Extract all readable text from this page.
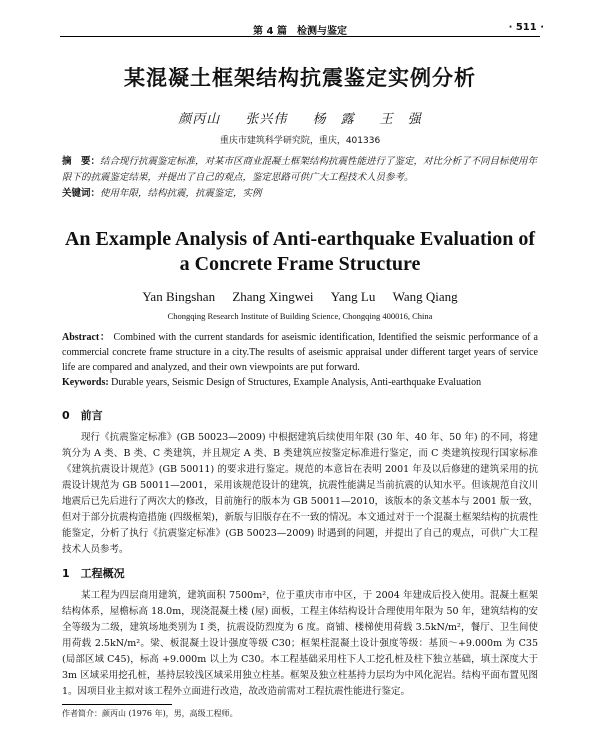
第 4 篇　检测与鉴定	· 511 ·
某混凝土框架结构抗震鉴定实例分析
颜丙山 张兴伟 杨　露 王　强
重庆市建筑科学研究院，重庆，401336
摘　要：结合现行抗震鉴定标准，对某市区商业混凝土框架结构抗震性能进行了鉴定，对比分析了不同目标使用年限下的抗震鉴定结果，并提出了自己的观点，鉴定思路可供广大工程技术人员参考。
关键词：使用年限，结构抗震，抗震鉴定，实例
An Example Analysis of Anti-earthquake Evaluation of a Concrete Frame Structure
Yan Bingshan Zhang Xingwei Yang Lu Wang Qiang
Chongqing Research Institute of Building Science, Chongqing 400016, China
Abstract： Combined with the current standards for aseismic identification, Identified the seismic performance of a commercial concrete frame structure in a city.The results of aseismic appraisal under different target years of service life are compared and analyzed, and their own viewpoints are put forward.
Keywords: Durable years, Seismic Design of Structures, Example Analysis, Anti-earthquake Evaluation
0　前言
现行《抗震鉴定标准》(GB 50023—2009) 中根据建筑后续使用年限 (30 年、40 年、50 年) 的不同，将建筑分为 A 类、B 类、C 类建筑，并且规定 A 类、B 类建筑应按鉴定标准进行鉴定，而 C 类建筑按现行国家标准《建筑抗震设计规范》(GB 50011) 的要求进行鉴定。规范的本意旨在表明 2001 年及以后修建的建筑采用的抗震设计规范为 GB 50011—2001，采用该规范设计的建筑，抗震性能满足当前抗震的认知水平。但该规范自汶川地震后已先后进行了两次大的修改，目前施行的版本为 GB 50011—2010，该版本的条文基本与 2001 版一致，但对于部分抗震构造措施 (四级框架)，新版与旧版存在不一致的情况。本文通过对于一个混凝土框架结构的抗震性能鉴定，分析了执行《抗震鉴定标准》(GB 50023—2009) 时遇到的问题，并提出了自己的观点，可供广大工程技术人员参考。
1　工程概况
某工程为四层商用建筑，建筑面积 7500m²，位于重庆市市中区，于 2004 年建成后投入使用。混凝土框架结构体系，屋檐标高 18.0m，现浇混凝土楼 (屋) 面板，工程主体结构设计合理使用年限为 50 年，建筑结构的安全等级为二级，建筑场地类别为 Ⅰ 类，抗震设防烈度为 6 度。商铺、楼梯使用荷载 3.5kN/m²，餐厅、卫生间使用荷载 2.5kN/m²。梁、板混凝土设计强度等级 C30；框架柱混凝土设计强度等级：基顶～+9.000m 为 C35 (局部区域 C45)，标高 +9.000m 以上为 C30。本工程基础采用柱下人工挖孔桩及柱下独立基础，填土深度大于 3m 区域采用挖孔桩，基持层较浅区域采用独立柱基。框架及独立柱基持力层均为中风化泥岩。结构平面布置见图 1。因项目业主拟对该工程外立面进行改造，故改造前需对工程抗震性能进行鉴定。
作者简介：颜丙山 (1976 年)，男，高级工程师。
